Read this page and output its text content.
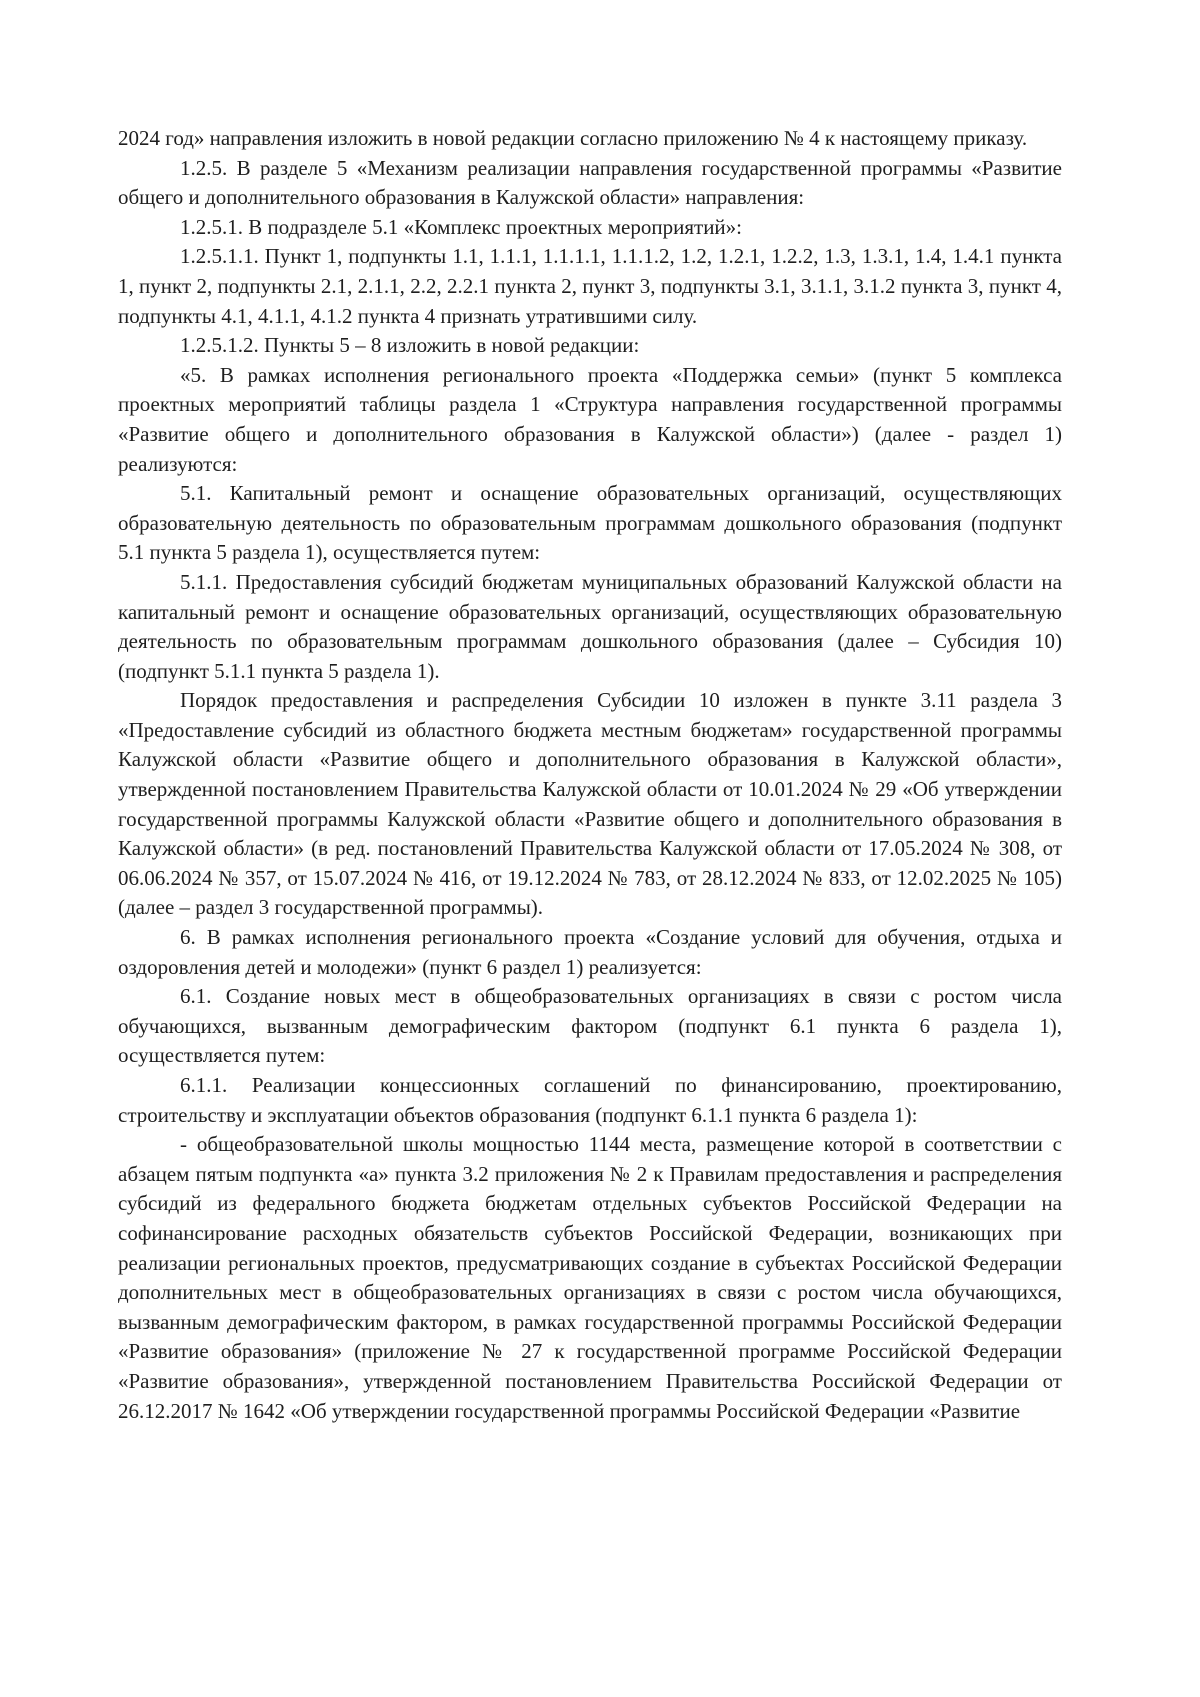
2024 год» направления изложить в новой редакции согласно приложению № 4 к настоящему приказу.

1.2.5. В разделе 5 «Механизм реализации направления государственной программы «Развитие общего и дополнительного образования в Калужской области» направления:

1.2.5.1. В подразделе 5.1 «Комплекс проектных мероприятий»:

1.2.5.1.1. Пункт 1, подпункты 1.1, 1.1.1, 1.1.1.1, 1.1.1.2, 1.2, 1.2.1, 1.2.2, 1.3, 1.3.1, 1.4, 1.4.1 пункта 1, пункт 2, подпункты 2.1, 2.1.1, 2.2, 2.2.1 пункта 2, пункт 3, подпункты 3.1, 3.1.1, 3.1.2 пункта 3, пункт 4, подпункты 4.1, 4.1.1, 4.1.2 пункта 4 признать утратившими силу.

1.2.5.1.2. Пункты 5 – 8 изложить в новой редакции:

«5. В рамках исполнения регионального проекта «Поддержка семьи» (пункт 5 комплекса проектных мероприятий таблицы раздела 1 «Структура направления государственной программы «Развитие общего и дополнительного образования в Калужской области») (далее - раздел 1) реализуются:

5.1. Капитальный ремонт и оснащение образовательных организаций, осуществляющих образовательную деятельность по образовательным программам дошкольного образования (подпункт 5.1 пункта 5 раздела 1), осуществляется путем:

5.1.1. Предоставления субсидий бюджетам муниципальных образований Калужской области на капитальный ремонт и оснащение образовательных организаций, осуществляющих образовательную деятельность по образовательным программам дошкольного образования (далее – Субсидия 10) (подпункт 5.1.1 пункта 5 раздела 1).

Порядок предоставления и распределения Субсидии 10 изложен в пункте 3.11 раздела 3 «Предоставление субсидий из областного бюджета местным бюджетам» государственной программы Калужской области «Развитие общего и дополнительного образования в Калужской области», утвержденной постановлением Правительства Калужской области от 10.01.2024 № 29 «Об утверждении государственной программы Калужской области «Развитие общего и дополнительного образования в Калужской области» (в ред. постановлений Правительства Калужской области от 17.05.2024 № 308, от 06.06.2024 № 357, от 15.07.2024 № 416, от 19.12.2024 № 783, от 28.12.2024 № 833, от 12.02.2025 № 105) (далее – раздел 3 государственной программы).

6. В рамках исполнения регионального проекта «Создание условий для обучения, отдыха и оздоровления детей и молодежи» (пункт 6 раздел 1) реализуется:

6.1. Создание новых мест в общеобразовательных организациях в связи с ростом числа обучающихся, вызванным демографическим фактором (подпункт 6.1 пункта 6 раздела 1), осуществляется путем:

6.1.1. Реализации концессионных соглашений по финансированию, проектированию, строительству и эксплуатации объектов образования (подпункт 6.1.1 пункта 6 раздела 1):

- общеобразовательной школы мощностью 1144 места, размещение которой в соответствии с абзацем пятым подпункта «а» пункта 3.2 приложения № 2 к Правилам предоставления и распределения субсидий из федерального бюджета бюджетам отдельных субъектов Российской Федерации на софинансирование расходных обязательств субъектов Российской Федерации, возникающих при реализации региональных проектов, предусматривающих создание в субъектах Российской Федерации дополнительных мест в общеобразовательных организациях в связи с ростом числа обучающихся, вызванным демографическим фактором, в рамках государственной программы Российской Федерации «Развитие образования» (приложение № 27 к государственной программе Российской Федерации «Развитие образования», утвержденной постановлением Правительства Российской Федерации от 26.12.2017 № 1642 «Об утверждении государственной программы Российской Федерации «Развитие
